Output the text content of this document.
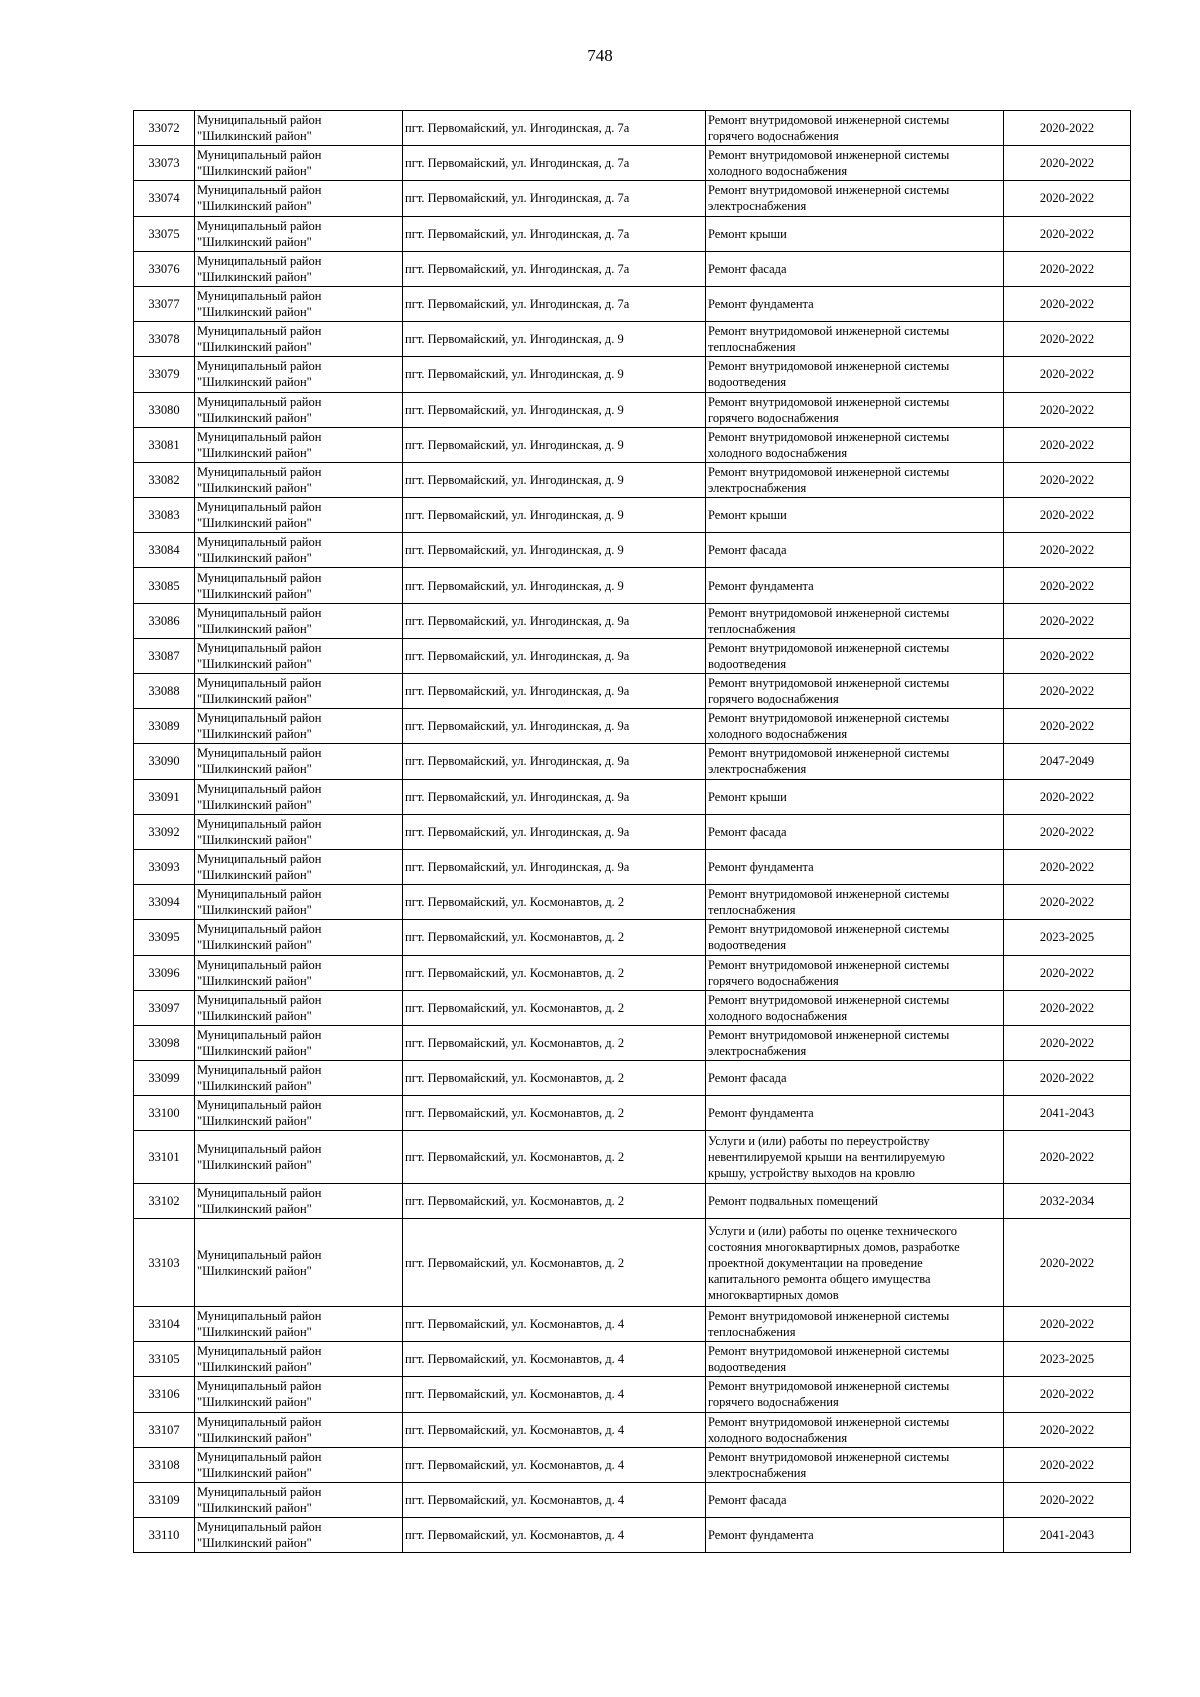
748
33072	Муниципальный район
"Шилкинский район"	пгт. Первомайский, ул. Ингодинская, д. 7а	Ремонт внутридомовой инженерной системы
горячего водоснабжения	2020-2022
33073	Муниципальный район
"Шилкинский район"	пгт. Первомайский, ул. Ингодинская, д. 7а	Ремонт внутридомовой инженерной системы
холодного водоснабжения	2020-2022
33074	Муниципальный район
"Шилкинский район"	пгт. Первомайский, ул. Ингодинская, д. 7а	Ремонт внутридомовой инженерной системы
электроснабжения	2020-2022
33075	Муниципальный район
"Шилкинский район"	пгт. Первомайский, ул. Ингодинская, д. 7а	Ремонт крыши	2020-2022
33076	Муниципальный район
"Шилкинский район"	пгт. Первомайский, ул. Ингодинская, д. 7а	Ремонт фасада	2020-2022
33077	Муниципальный район
"Шилкинский район"	пгт. Первомайский, ул. Ингодинская, д. 7а	Ремонт фундамента	2020-2022
33078	Муниципальный район
"Шилкинский район"	пгт. Первомайский, ул. Ингодинская, д. 9	Ремонт внутридомовой инженерной системы
теплоснабжения	2020-2022
33079	Муниципальный район
"Шилкинский район"	пгт. Первомайский, ул. Ингодинская, д. 9	Ремонт внутридомовой инженерной системы
водоотведения	2020-2022
33080	Муниципальный район
"Шилкинский район"	пгт. Первомайский, ул. Ингодинская, д. 9	Ремонт внутридомовой инженерной системы
горячего водоснабжения	2020-2022
33081	Муниципальный район
"Шилкинский район"	пгт. Первомайский, ул. Ингодинская, д. 9	Ремонт внутридомовой инженерной системы
холодного водоснабжения	2020-2022
33082	Муниципальный район
"Шилкинский район"	пгт. Первомайский, ул. Ингодинская, д. 9	Ремонт внутридомовой инженерной системы
электроснабжения	2020-2022
33083	Муниципальный район
"Шилкинский район"	пгт. Первомайский, ул. Ингодинская, д. 9	Ремонт крыши	2020-2022
33084	Муниципальный район
"Шилкинский район"	пгт. Первомайский, ул. Ингодинская, д. 9	Ремонт фасада	2020-2022
33085	Муниципальный район
"Шилкинский район"	пгт. Первомайский, ул. Ингодинская, д. 9	Ремонт фундамента	2020-2022
33086	Муниципальный район
"Шилкинский район"	пгт. Первомайский, ул. Ингодинская, д. 9а	Ремонт внутридомовой инженерной системы
теплоснабжения	2020-2022
33087	Муниципальный район
"Шилкинский район"	пгт. Первомайский, ул. Ингодинская, д. 9а	Ремонт внутридомовой инженерной системы
водоотведения	2020-2022
33088	Муниципальный район
"Шилкинский район"	пгт. Первомайский, ул. Ингодинская, д. 9а	Ремонт внутридомовой инженерной системы
горячего водоснабжения	2020-2022
33089	Муниципальный район
"Шилкинский район"	пгт. Первомайский, ул. Ингодинская, д. 9а	Ремонт внутридомовой инженерной системы
холодного водоснабжения	2020-2022
33090	Муниципальный район
"Шилкинский район"	пгт. Первомайский, ул. Ингодинская, д. 9а	Ремонт внутридомовой инженерной системы
электроснабжения	2047-2049
33091	Муниципальный район
"Шилкинский район"	пгт. Первомайский, ул. Ингодинская, д. 9а	Ремонт крыши	2020-2022
33092	Муниципальный район
"Шилкинский район"	пгт. Первомайский, ул. Ингодинская, д. 9а	Ремонт фасада	2020-2022
33093	Муниципальный район
"Шилкинский район"	пгт. Первомайский, ул. Ингодинская, д. 9а	Ремонт фундамента	2020-2022
33094	Муниципальный район
"Шилкинский район"	пгт. Первомайский, ул. Космонавтов, д. 2	Ремонт внутридомовой инженерной системы
теплоснабжения	2020-2022
33095	Муниципальный район
"Шилкинский район"	пгт. Первомайский, ул. Космонавтов, д. 2	Ремонт внутридомовой инженерной системы
водоотведения	2023-2025
33096	Муниципальный район
"Шилкинский район"	пгт. Первомайский, ул. Космонавтов, д. 2	Ремонт внутридомовой инженерной системы
горячего водоснабжения	2020-2022
33097	Муниципальный район
"Шилкинский район"	пгт. Первомайский, ул. Космонавтов, д. 2	Ремонт внутридомовой инженерной системы
холодного водоснабжения	2020-2022
33098	Муниципальный район
"Шилкинский район"	пгт. Первомайский, ул. Космонавтов, д. 2	Ремонт внутридомовой инженерной системы
электроснабжения	2020-2022
33099	Муниципальный район
"Шилкинский район"	пгт. Первомайский, ул. Космонавтов, д. 2	Ремонт фасада	2020-2022
33100	Муниципальный район
"Шилкинский район"	пгт. Первомайский, ул. Космонавтов, д. 2	Ремонт фундамента	2041-2043
33101	Муниципальный район
"Шилкинский район"	пгт. Первомайский, ул. Космонавтов, д. 2	Услуги и (или) работы по переустройству
невентилируемой крыши на вентилируемую
крышу, устройству выходов на кровлю	2020-2022
33102	Муниципальный район
"Шилкинский район"	пгт. Первомайский, ул. Космонавтов, д. 2	Ремонт подвальных помещений	2032-2034
33103	Муниципальный район
"Шилкинский район"	пгт. Первомайский, ул. Космонавтов, д. 2	Услуги и (или) работы по оценке технического
состояния многоквартирных домов, разработке
проектной документации на проведение
капитального ремонта общего имущества
многоквартирных домов	2020-2022
33104	Муниципальный район
"Шилкинский район"	пгт. Первомайский, ул. Космонавтов, д. 4	Ремонт внутридомовой инженерной системы
теплоснабжения	2020-2022
33105	Муниципальный район
"Шилкинский район"	пгт. Первомайский, ул. Космонавтов, д. 4	Ремонт внутридомовой инженерной системы
водоотведения	2023-2025
33106	Муниципальный район
"Шилкинский район"	пгт. Первомайский, ул. Космонавтов, д. 4	Ремонт внутридомовой инженерной системы
горячего водоснабжения	2020-2022
33107	Муниципальный район
"Шилкинский район"	пгт. Первомайский, ул. Космонавтов, д. 4	Ремонт внутридомовой инженерной системы
холодного водоснабжения	2020-2022
33108	Муниципальный район
"Шилкинский район"	пгт. Первомайский, ул. Космонавтов, д. 4	Ремонт внутридомовой инженерной системы
электроснабжения	2020-2022
33109	Муниципальный район
"Шилкинский район"	пгт. Первомайский, ул. Космонавтов, д. 4	Ремонт фасада	2020-2022
33110	Муниципальный район
"Шилкинский район"	пгт. Первомайский, ул. Космонавтов, д. 4	Ремонт фундамента	2041-2043
